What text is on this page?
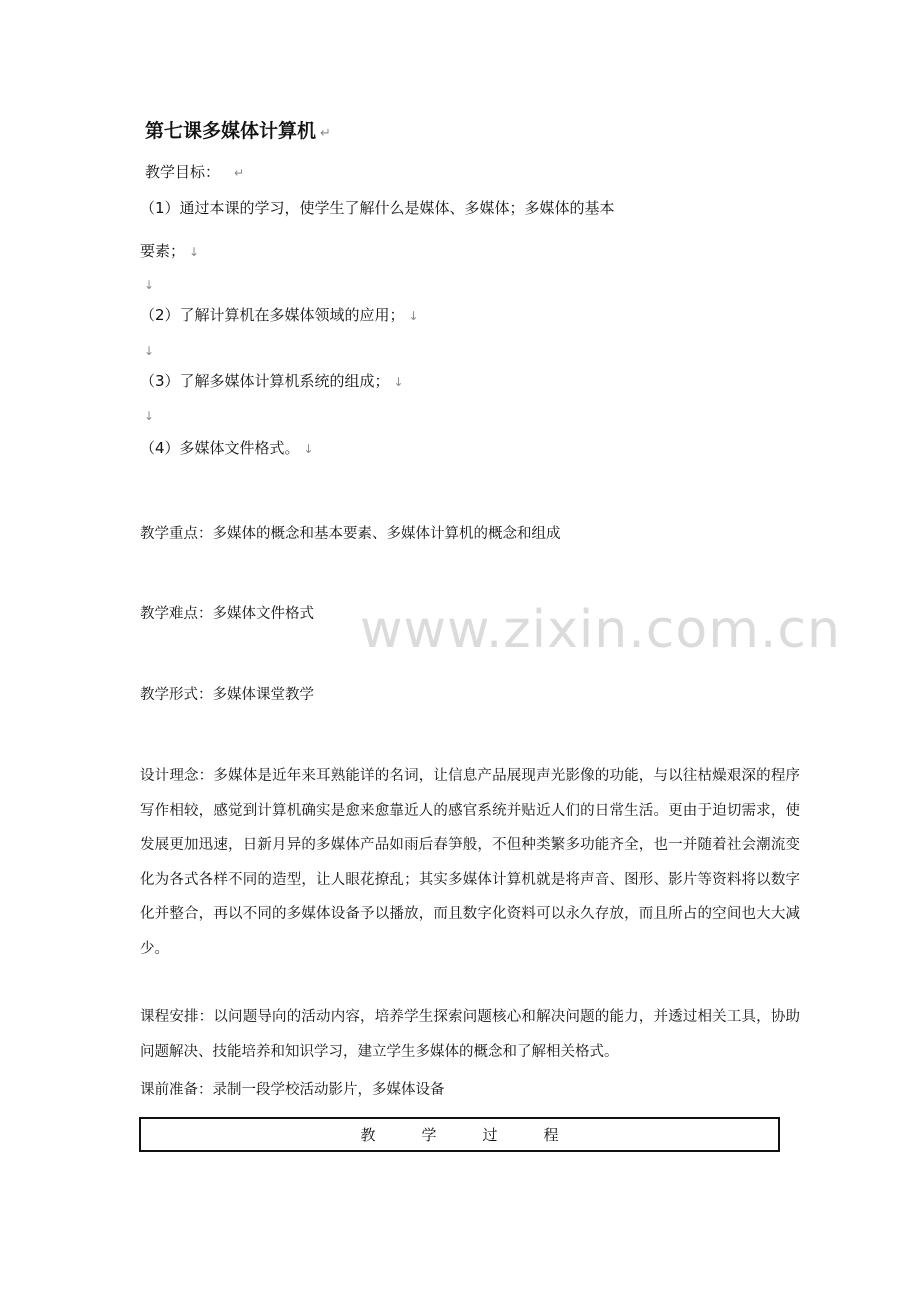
第七课多媒体计算机 ↵
教学目标： ↵
（1）通过本课的学习，使学生了解什么是媒体、多媒体；多媒体的基本
要素； ↓
↓
（2）了解计算机在多媒体领域的应用； ↓
↓
（3）了解多媒体计算机系统的组成； ↓
↓
（4）多媒体文件格式。 ↓
教学重点：多媒体的概念和基本要素、多媒体计算机的概念和组成
教学难点：多媒体文件格式
教学形式：多媒体课堂教学
设计理念：多媒体是近年来耳熟能详的名词，让信息产品展现声光影像的功能，与以往枯燥艰深的程序写作相较，感觉到计算机确实是愈来愈靠近人的感官系统并贴近人们的日常生活。更由于迫切需求，使发展更加迅速，日新月异的多媒体产品如雨后春笋般，不但种类繁多功能齐全，也一并随着社会潮流变化为各式各样不同的造型，让人眼花撩乱；其实多媒体计算机就是将声音、图形、影片等资料将以数字化并整合，再以不同的多媒体设备予以播放，而且数字化资料可以永久存放，而且所占的空间也大大减少。
课程安排：以问题导向的活动内容，培养学生探索问题核心和解决问题的能力，并透过相关工具，协助问题解决、技能培养和知识学习，建立学生多媒体的概念和了解相关格式。
课前准备：录制一段学校活动影片，多媒体设备
教学过程
www.zixin.com.cn
